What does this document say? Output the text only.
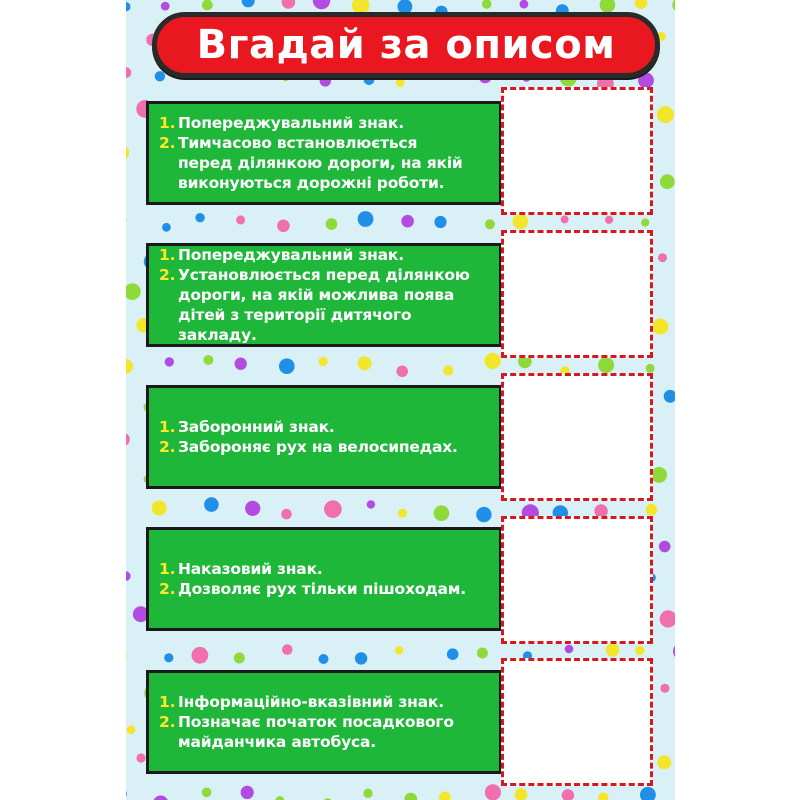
Вгадай за описом
1. Попереджувальний знак.
2. Тимчасово встановлюється
перед ділянкою дороги, на якій
виконуються дорожні роботи.
1. Попереджувальний знак.
2. Установлюється перед ділянкою
дороги, на якій можлива поява
дітей з території дитячого закладу.
1. Заборонний знак.
2. Забороняє рух на велосипедах.
1. Наказовий знак.
2. Дозволяє рух тільки пішоходам.
1. Інформаційно-вказівний знак.
2. Позначає початок посадкового
майданчика автобуса.
